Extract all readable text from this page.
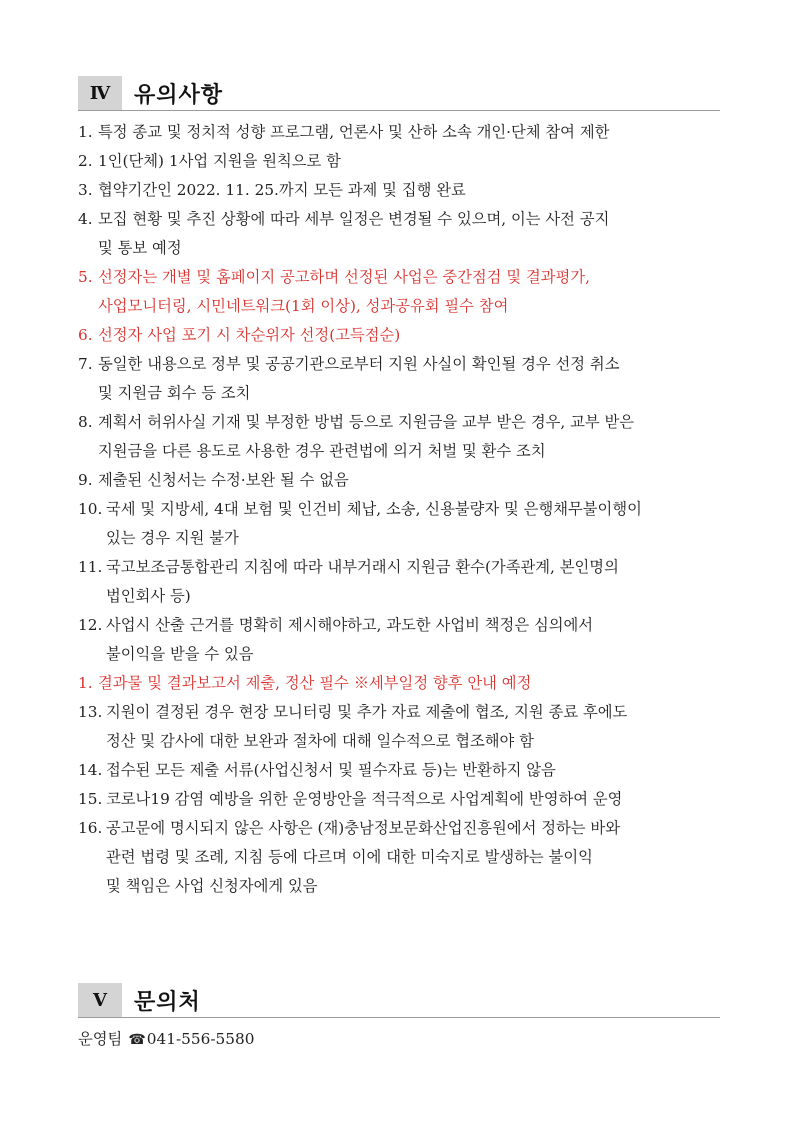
Ⅳ	유의사항
1. 특정 종교 및 정치적 성향 프로그램, 언론사 및 산하 소속 개인·단체 참여 제한
2. 1인(단체) 1사업 지원을 원칙으로 함
3. 협약기간인 2022. 11. 25.까지 모든 과제 및 집행 완료
4. 모집 현황 및 추진 상황에 따라 세부 일정은 변경될 수 있으며, 이는 사전 공지
및 통보 예정
5. 선정자는 개별 및 홈페이지 공고하며 선정된 사업은 중간점검 및 결과평가,
사업모니터링, 시민네트워크(1회 이상), 성과공유회 필수 참여
6. 선정자 사업 포기 시 차순위자 선정(고득점순)
7. 동일한 내용으로 정부 및 공공기관으로부터 지원 사실이 확인될 경우 선정 취소
및 지원금 회수 등 조치
8. 계획서 허위사실 기재 및 부정한 방법 등으로 지원금을 교부 받은 경우, 교부 받은
지원금을 다른 용도로 사용한 경우 관련법에 의거 처벌 및 환수 조치
9. 제출된 신청서는 수정·보완 될 수 없음
10. 국세 및 지방세, 4대 보험 및 인건비 체납, 소송, 신용불량자 및 은행채무불이행이
있는 경우 지원 불가
11. 국고보조금통합관리 지침에 따라 내부거래시 지원금 환수(가족관계, 본인명의
법인회사 등)
12. 사업시 산출 근거를 명확히 제시해야하고, 과도한 사업비 책정은 심의에서
불이익을 받을 수 있음
1. 결과물 및 결과보고서 제출, 정산 필수 ※세부일정 향후 안내 예정
13. 지원이 결정된 경우 현장 모니터링 및 추가 자료 제출에 협조, 지원 종료 후에도
정산 및 감사에 대한 보완과 절차에 대해 일수적으로 협조해야 함
14. 접수된 모든 제출 서류(사업신청서 및 필수자료 등)는 반환하지 않음
15. 코로나19 감염 예방을 위한 운영방안을 적극적으로 사업계획에 반영하여 운영
16. 공고문에 명시되지 않은 사항은 (재)충남정보문화산업진흥원에서 정하는 바와
관련 법령 및 조례, 지침 등에 다르며 이에 대한 미숙지로 발생하는 불이익
및 책임은 사업 신청자에게 있음
Ⅴ	문의처
운영팀 ☎041-556-5580
